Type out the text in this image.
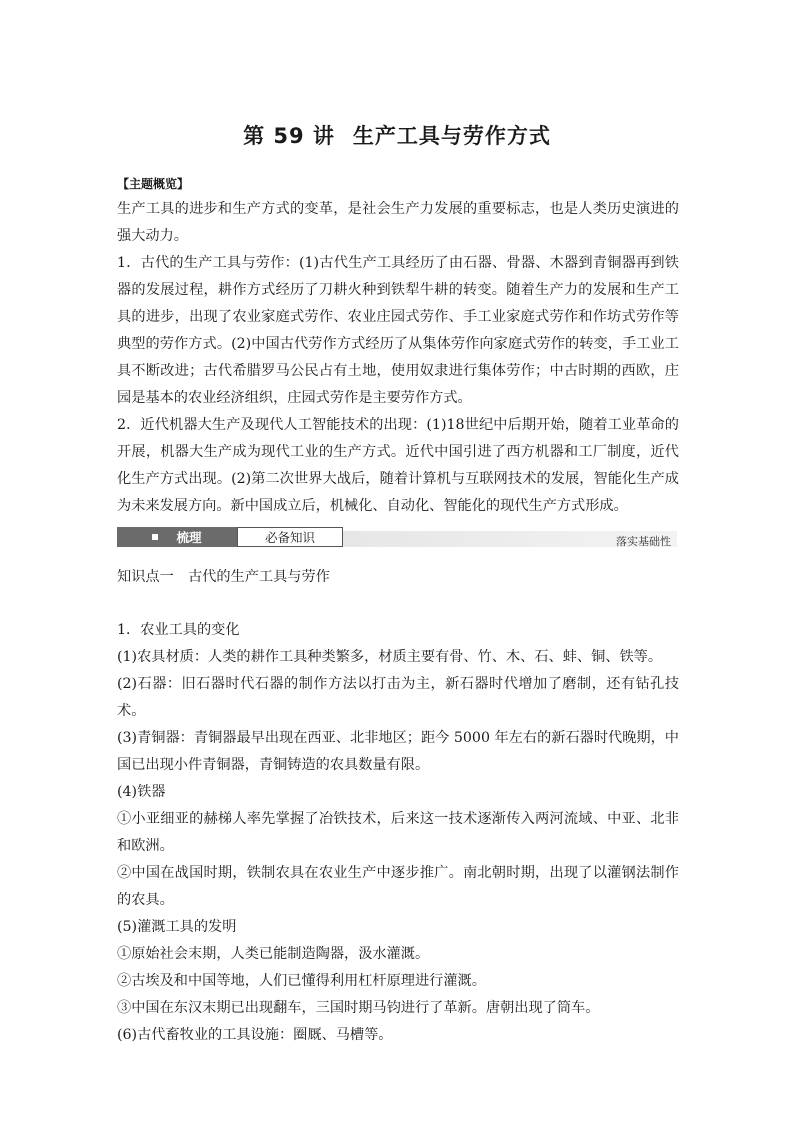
第 59 讲 生产工具与劳作方式
【主题概览】

生产工具的进步和生产方式的变革，是社会生产力发展的重要标志，也是人类历史演进的强大动力。

1．古代的生产工具与劳作：(1)古代生产工具经历了由石器、骨器、木器到青铜器再到铁器的发展过程，耕作方式经历了刀耕火种到铁犁牛耕的转变。随着生产力的发展和生产工具的进步，出现了农业家庭式劳作、农业庄园式劳作、手工业家庭式劳作和作坊式劳作等典型的劳作方式。(2)中国古代劳作方式经历了从集体劳作向家庭式劳作的转变，手工业工具不断改进；古代希腊罗马公民占有土地，使用奴隶进行集体劳作；中古时期的西欧，庄园是基本的农业经济组织，庄园式劳作是主要劳作方式。

2．近代机器大生产及现代人工智能技术的出现：(1)18世纪中后期开始，随着工业革命的开展，机器大生产成为现代工业的生产方式。近代中国引进了西方机器和工厂制度，近代化生产方式出现。(2)第二次世界大战后，随着计算机与互联网技术的发展，智能化生产成为未来发展方向。新中国成立后，机械化、自动化、智能化的现代生产方式形成。

梳理	必备知识	落实基础性
知识点一　古代的生产工具与劳作

1．农业工具的变化

(1)农具材质：人类的耕作工具种类繁多，材质主要有骨、竹、木、石、蚌、铜、铁等。

(2)石器：旧石器时代石器的制作方法以打击为主，新石器时代增加了磨制，还有钻孔技术。

(3)青铜器：青铜器最早出现在西亚、北非地区；距今 5000 年左右的新石器时代晚期，中国已出现小件青铜器，青铜铸造的农具数量有限。

(4)铁器

①小亚细亚的赫梯人率先掌握了冶铁技术，后来这一技术逐渐传入两河流域、中亚、北非和欧洲。

②中国在战国时期，铁制农具在农业生产中逐步推广。南北朝时期，出现了以灌钢法制作的农具。

(5)灌溉工具的发明

①原始社会末期，人类已能制造陶器，汲水灌溉。

②古埃及和中国等地，人们已懂得利用杠杆原理进行灌溉。

③中国在东汉末期已出现翻车，三国时期马钧进行了革新。唐朝出现了筒车。

(6)古代畜牧业的工具设施：圈厩、马槽等。
